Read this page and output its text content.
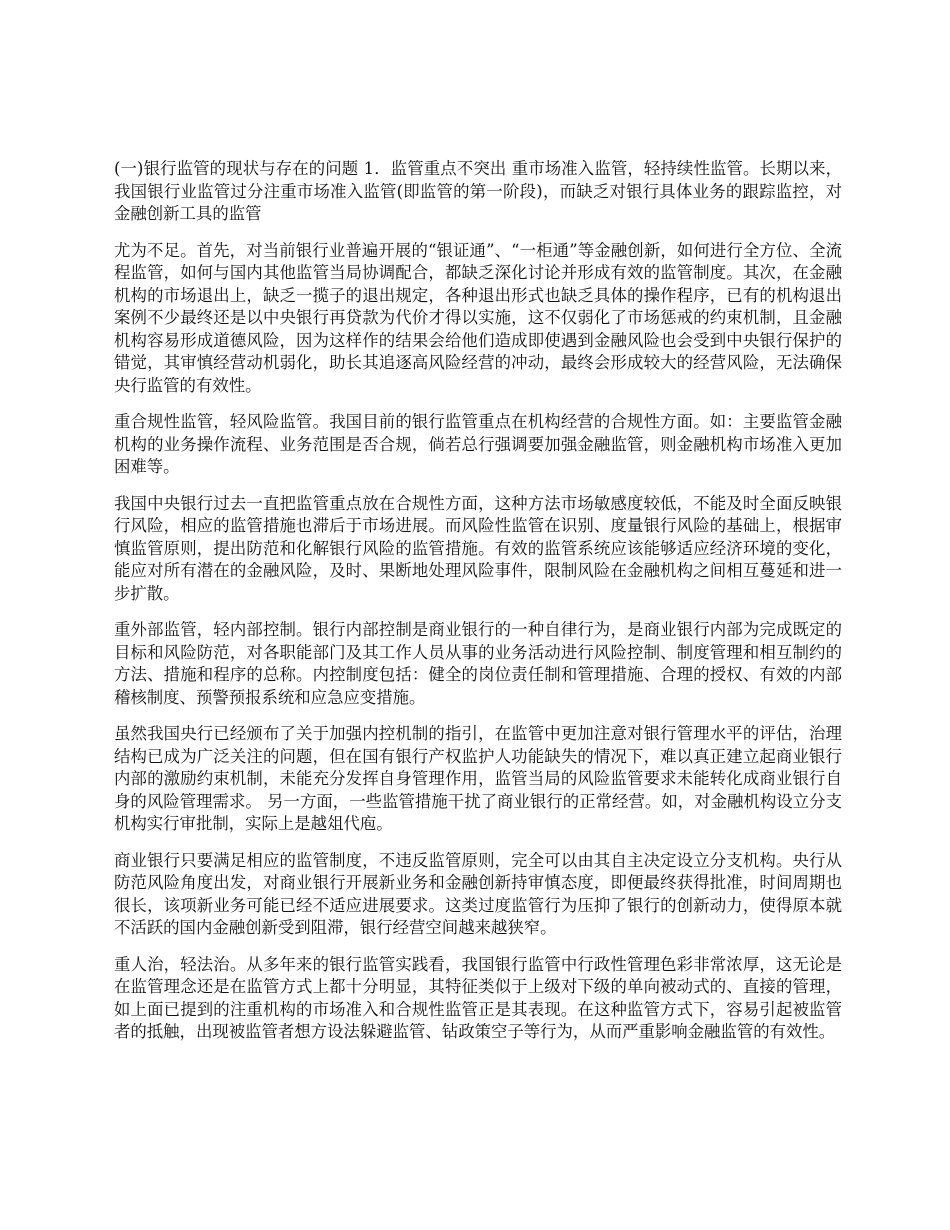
(一)银行监管的现状与存在的问题 1．监管重点不突出 重市场准入监管，轻持续性监管。长期以来，我国银行业监管过分注重市场准入监管(即监管的第一阶段)，而缺乏对银行具体业务的跟踪监控，对金融创新工具的监管

尤为不足。首先，对当前银行业普遍开展的“银证通”、“一柜通”等金融创新，如何进行全方位、全流程监管，如何与国内其他监管当局协调配合，都缺乏深化讨论并形成有效的监管制度。其次，在金融机构的市场退出上，缺乏一揽子的退出规定，各种退出形式也缺乏具体的操作程序，已有的机构退出案例不少最终还是以中央银行再贷款为代价才得以实施，这不仅弱化了市场惩戒的约束机制，且金融机构容易形成道德风险，因为这样作的结果会给他们造成即使遇到金融风险也会受到中央银行保护的错觉，其审慎经营动机弱化，助长其追逐高风险经营的冲动，最终会形成较大的经营风险，无法确保央行监管的有效性。

重合规性监管，轻风险监管。我国目前的银行监管重点在机构经营的合规性方面。如：主要监管金融机构的业务操作流程、业务范围是否合规，倘若总行强调要加强金融监管，则金融机构市场准入更加困难等。

我国中央银行过去一直把监管重点放在合规性方面，这种方法市场敏感度较低，不能及时全面反映银行风险，相应的监管措施也滞后于市场进展。而风险性监管在识别、度量银行风险的基础上，根据审慎监管原则，提出防范和化解银行风险的监管措施。有效的监管系统应该能够适应经济环境的变化，能应对所有潜在的金融风险，及时、果断地处理风险事件，限制风险在金融机构之间相互蔓延和进一步扩散。

重外部监管，轻内部控制。银行内部控制是商业银行的一种自律行为，是商业银行内部为完成既定的目标和风险防范，对各职能部门及其工作人员从事的业务活动进行风险控制、制度管理和相互制约的方法、措施和程序的总称。内控制度包括：健全的岗位责任制和管理措施、合理的授权、有效的内部稽核制度、预警预报系统和应急应变措施。

虽然我国央行已经颁布了关于加强内控机制的指引，在监管中更加注意对银行管理水平的评估，治理结构已成为广泛关注的问题，但在国有银行产权监护人功能缺失的情况下，难以真正建立起商业银行内部的激励约束机制，未能充分发挥自身管理作用，监管当局的风险监管要求未能转化成商业银行自身的风险管理需求。 另一方面，一些监管措施干扰了商业银行的正常经营。如，对金融机构设立分支机构实行审批制，实际上是越俎代庖。

商业银行只要满足相应的监管制度，不违反监管原则，完全可以由其自主决定设立分支机构。央行从防范风险角度出发，对商业银行开展新业务和金融创新持审慎态度，即便最终获得批准，时间周期也很长，该项新业务可能已经不适应进展要求。这类过度监管行为压抑了银行的创新动力，使得原本就不活跃的国内金融创新受到阻滞，银行经营空间越来越狭窄。

重人治，轻法治。从多年来的银行监管实践看，我国银行监管中行政性管理色彩非常浓厚，这无论是在监管理念还是在监管方式上都十分明显，其特征类似于上级对下级的单向被动式的、直接的管理，如上面已提到的注重机构的市场准入和合规性监管正是其表现。在这种监管方式下，容易引起被监管者的抵触，出现被监管者想方设法躲避监管、钻政策空子等行为，从而严重影响金融监管的有效性。
